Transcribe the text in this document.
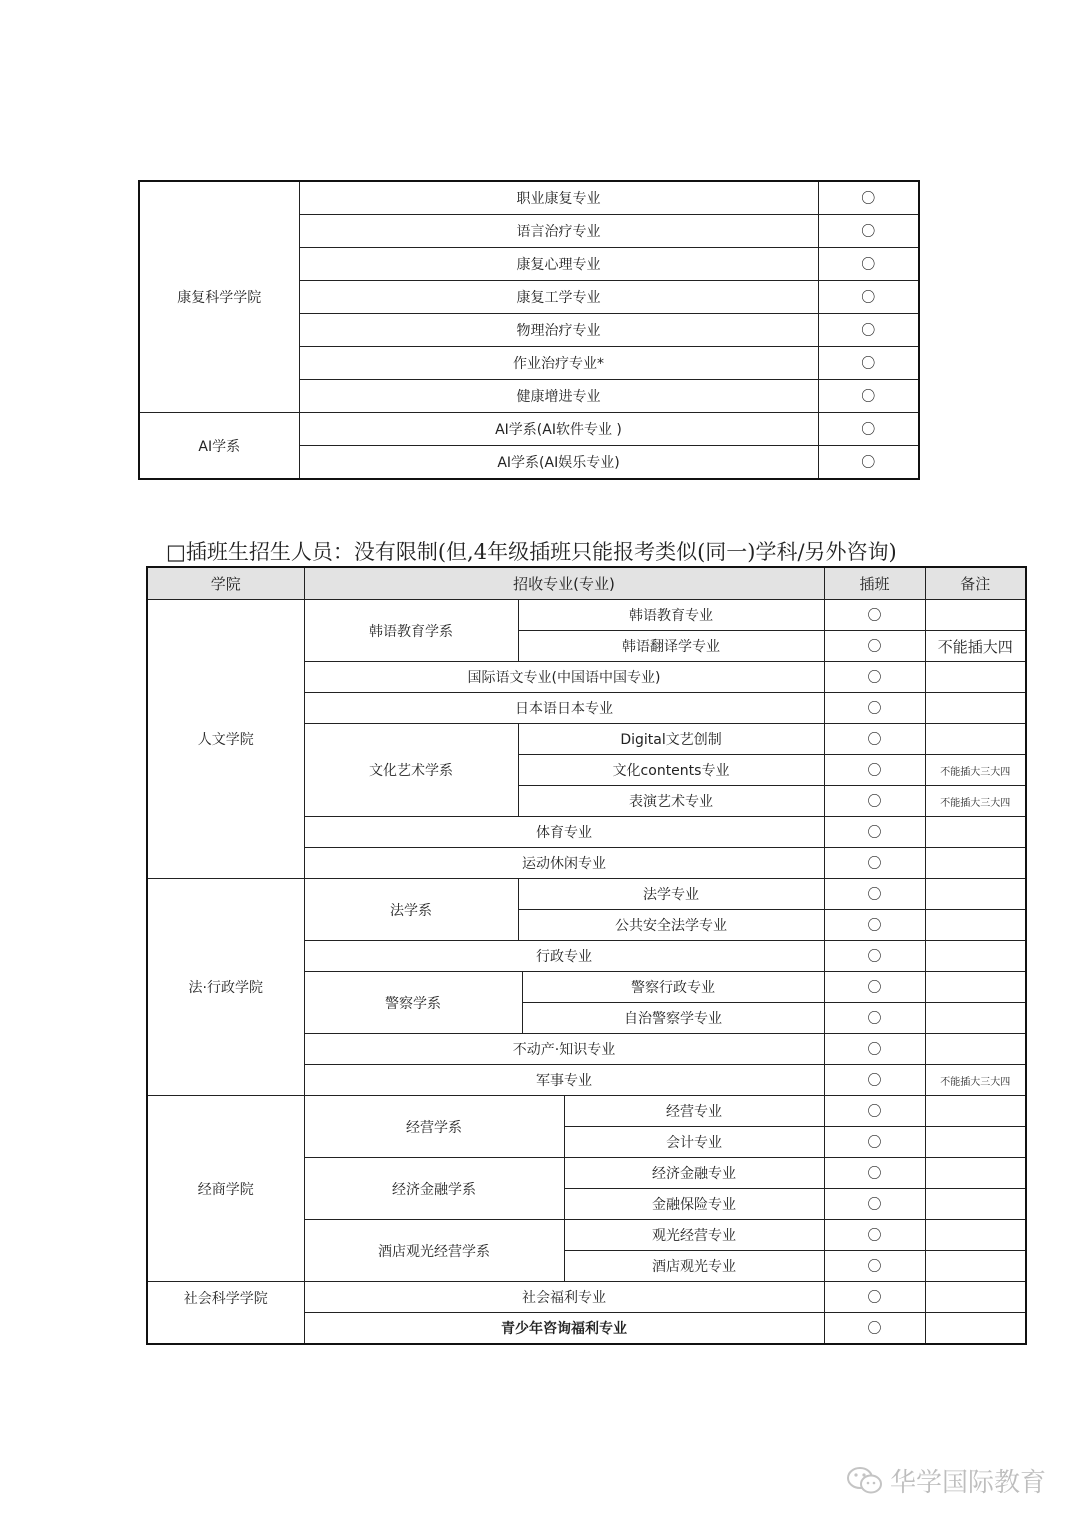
康复科学学院	职业康复专业	〇
	语言治疗专业	〇
	康复心理专业	〇
	康复工学专业	〇
	物理治疗专业	〇
	作业治疗专业*	〇
	健康增进专业	〇
AI学系	AI学系(AI软件专业 )	〇
	AI学系(AI娱乐专业)	〇
□插班生招生人员：没有限制(但,4年级插班只能报考类似(同一)学科/另外咨询)
学院	招收专业(专业)				插班	备注
人文学院	韩语教育学系	韩语教育专业			〇	
		韩语翻译学专业			〇	不能插大四
	国际语文专业(中国语中国专业)				〇	
	日本语日本专业				〇	
	文化艺术学系	Digital文艺创制			〇	
		文化contents专业			〇	不能插大三大四
		表演艺术专业			〇	不能插大三大四
	体育专业				〇	
	运动休闲专业				〇	
法·行政学院	法学系	法学专业			〇	
		公共安全法学专业			〇	
	行政专业				〇	
	警察学系		警察行政专业		〇	
			自治警察学专业		〇	
	不动产·知识专业				〇	
	军事专业				〇	不能插大三大四
经商学院	经营学系			经营专业	〇	
				会计专业	〇	
	经济金融学系			经济金融专业	〇	
				金融保险专业	〇	
	酒店观光经营学系			观光经营专业	〇	
				酒店观光专业	〇	
社会科学学院	社会福利专业				〇	
	青少年咨询福利专业				〇	
华学国际教育
